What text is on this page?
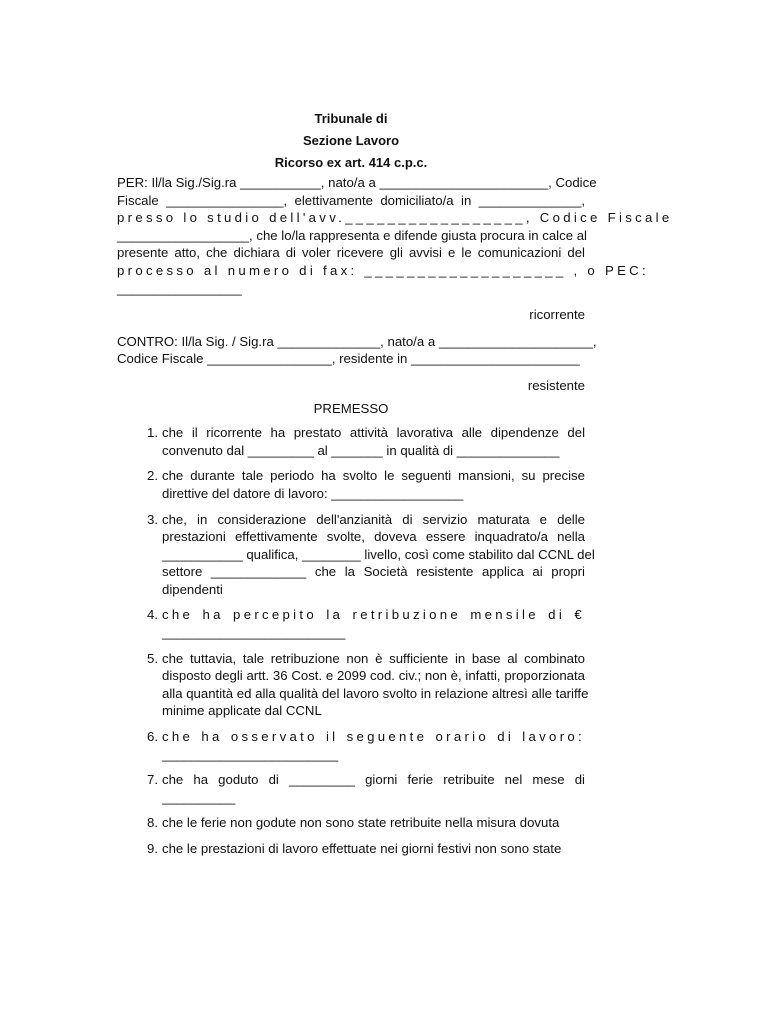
Tribunale di
Sezione Lavoro
Ricorso ex art. 414 c.p.c.
PER: Il/la Sig./Sig.ra ___________, nato/a a _______________________, Codice
Fiscale ________________, elettivamente domiciliato/a in ______________,
presso lo studio dell'avv._________________, Codice Fiscale
__________________, che lo/la rappresenta e difende giusta procura in calce al
presente atto, che dichiara di voler ricevere gli avvisi e le comunicazioni del
processo al numero di fax: ___________________ , o PEC:
_________________

ricorrente

CONTRO: Il/la Sig. / Sig.ra ______________, nato/a a _____________________,
Codice Fiscale _________________, residente in _______________________

resistente

PREMESSO
1. che il ricorrente ha prestato attività lavorativa alle dipendenze del
convenuto dal _________ al _______ in qualità di ______________
2. che durante tale periodo ha svolto le seguenti mansioni, su precise
direttive del datore di lavoro: __________________
3. che, in considerazione dell'anzianità di servizio maturata e delle
prestazioni effettivamente svolte, doveva essere inquadrato/a nella
___________ qualifica, ________ livello, così come stabilito dal CCNL del
settore _____________ che la Società resistente applica ai propri
dipendenti
4. che ha percepito la retribuzione mensile di €
_________________________
5. che tuttavia, tale retribuzione non è sufficiente in base al combinato
disposto degli artt. 36 Cost. e 2099 cod. civ.; non è, infatti, proporzionata
alla quantità ed alla qualità del lavoro svolto in relazione altresì alle tariffe
minime applicate dal CCNL
6. che ha osservato il seguente orario di lavoro:
________________________
7. che ha goduto di _________ giorni ferie retribuite nel mese di
__________
8. che le ferie non godute non sono state retribuite nella misura dovuta
9. che le prestazioni di lavoro effettuate nei giorni festivi non sono state
